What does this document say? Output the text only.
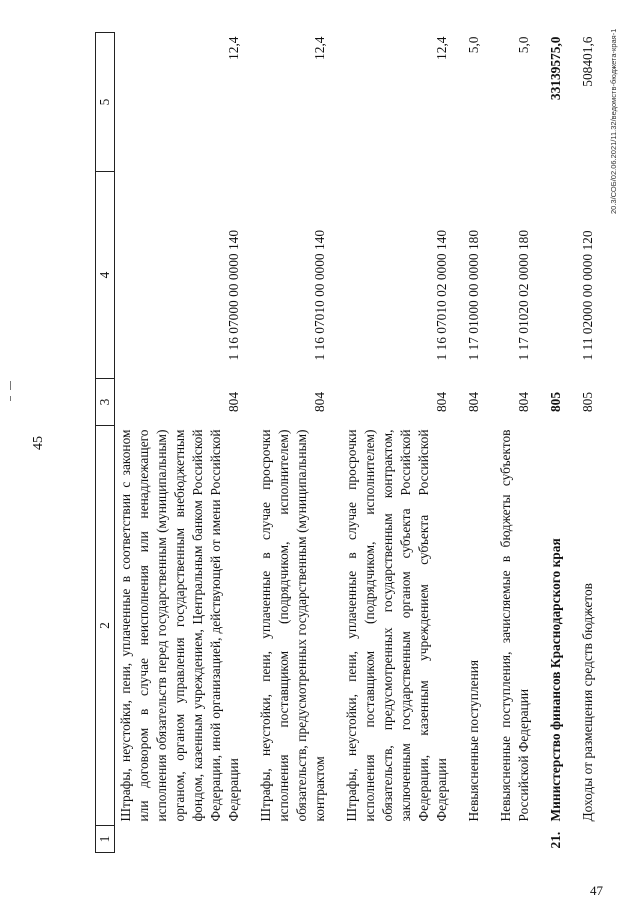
45
1	2	3	4	5
	Штрафы, неустойки, пени, уплаченные в соответствии с законом или договором в случае неисполнения или ненадлежащего исполнения обязательств перед государственным (муниципальным) органом, органом управления государственным внебюджетным фондом, казенным учреждением, Центральным банком Российской Федерации, иной организацией, действующей от имени Российской Федерации	804	1 16 07000 00 0000 140	12,4
	Штрафы, неустойки, пени, уплаченные в случае просрочки исполнения поставщиком (подрядчиком, исполнителем) обязательств, предусмотренных государственным (муниципальным) контрактом	804	1 16 07010 00 0000 140	12,4
	Штрафы, неустойки, пени, уплаченные в случае просрочки исполнения поставщиком (подрядчиком, исполнителем) обязательств, предусмотренных государственным контрактом, заключенным государственным органом субъекта Российской Федерации, казенным учреждением субъекта Российской Федерации	804	1 16 07010 02 0000 140	12,4
	Невыясненные поступления	804	1 17 01000 00 0000 180	5,0
	Невыясненные поступления, зачисляемые в бюджеты субъектов Российской Федерации	804	1 17 01020 02 0000 180	5,0
21.	Министерство финансов Краснодарского края	805		33139575,0
	Доходы от размещения средств бюджетов	805	1 11 02000 00 0000 120	508401,6 20.3/СОБ/02.06.2021/11.32/ведомств-бюджета-края-1
47
